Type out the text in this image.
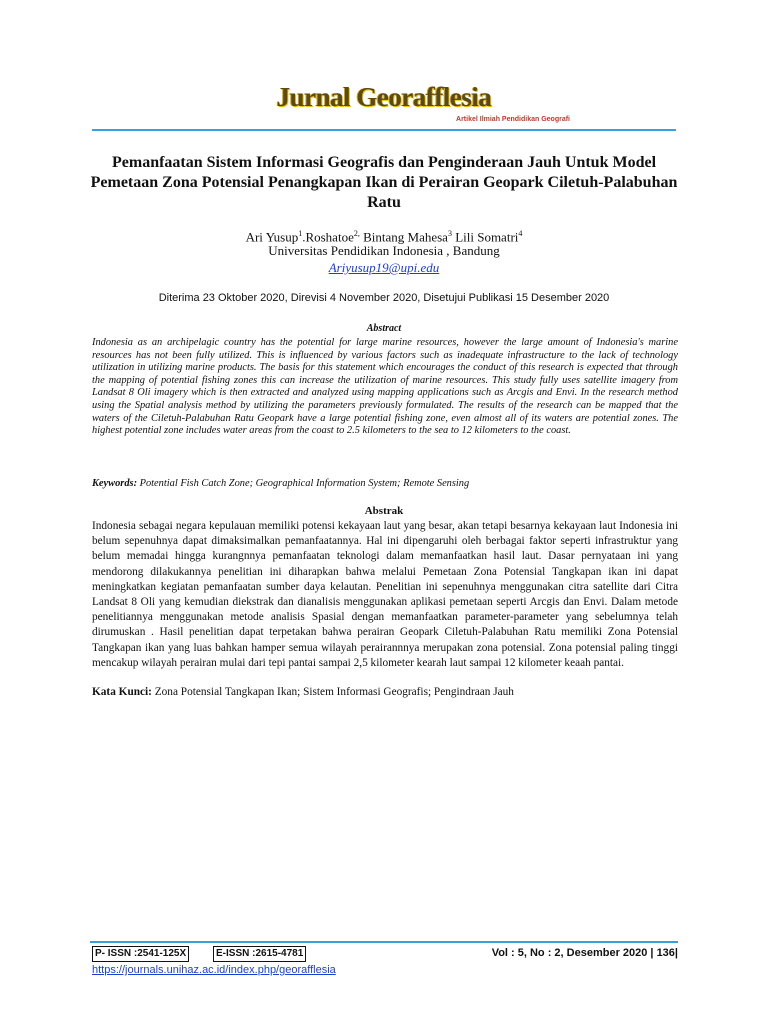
Jurnal Georafflesia
Artikel Ilmiah Pendidikan Geografi
Pemanfaatan Sistem Informasi Geografis dan Penginderaan Jauh Untuk Model Pemetaan Zona Potensial Penangkapan Ikan di Perairan Geopark Ciletuh-Palabuhan Ratu
Ari Yusup$^1$.Roshatoe$^{2,}$ Bintang Mahesa$^3$ Lili Somatri$^4$
Universitas Pendidikan Indonesia , Bandung
Ariyusup19@upi.edu
Diterima 23 Oktober 2020, Direvisi 4 November 2020, Disetujui Publikasi 15 Desember 2020
Abstract
Indonesia as an archipelagic country has the potential for large marine resources, however the large amount of Indonesia's marine resources has not been fully utilized. This is influenced by various factors such as inadequate infrastructure to the lack of technology utilization in utilizing marine products. The basis for this statement which encourages the conduct of this research is expected that through the mapping of potential fishing zones this can increase the utilization of marine resources. This study fully uses satellite imagery from Landsat 8 Oli imagery which is then extracted and analyzed using mapping applications such as Arcgis and Envi. In the research method using the Spatial analysis method by utilizing the parameters previously formulated. The results of the research can be mapped that the waters of the Ciletuh-Palabuhan Ratu Geopark have a large potential fishing zone, even almost all of its waters are potential zones. The highest potential zone includes water areas from the coast to 2.5 kilometers to the sea to 12 kilometers to the coast.
Keywords: Potential Fish Catch Zone; Geographical Information System; Remote Sensing
Abstrak
Indonesia sebagai negara kepulauan memiliki potensi kekayaan laut yang besar, akan tetapi besarnya kekayaan laut Indonesia ini belum sepenuhnya dapat dimaksimalkan pemanfaatannya. Hal ini dipengaruhi oleh berbagai faktor seperti infrastruktur yang belum memadai hingga kurangnnya pemanfaatan teknologi dalam memanfaatkan hasil laut. Dasar pernyataan ini yang mendorong dilakukannya penelitian ini diharapkan bahwa melalui Pemetaan Zona Potensial Tangkapan ikan ini dapat meningkatkan kegiatan pemanfaatan sumber daya kelautan. Penelitian ini sepenuhnya menggunakan citra satellite dari Citra Landsat 8 Oli yang kemudian diekstrak dan dianalisis menggunakan aplikasi pemetaan seperti Arcgis dan Envi. Dalam metode penelitiannya menggunakan metode analisis Spasial dengan memanfaatkan parameter-parameter yang sebelumnya telah dirumuskan . Hasil penelitian dapat terpetakan bahwa perairan Geopark Ciletuh-Palabuhan Ratu memiliki Zona Potensial Tangkapan ikan yang luas bahkan hamper semua wilayah perairannnya merupakan zona potensial. Zona potensial paling tinggi mencakup wilayah perairan mulai dari tepi pantai sampai 2,5 kilometer kearah laut sampai 12 kilometer keaah pantai.
Kata Kunci: Zona Potensial Tangkapan Ikan; Sistem Informasi Geografis; Pengindraan Jauh
P- ISSN :2541-125X	E-ISSN :2615-4781	Vol : 5, No : 2, Desember 2020 | 136|
https://journals.unihaz.ac.id/index.php/georafflesia
